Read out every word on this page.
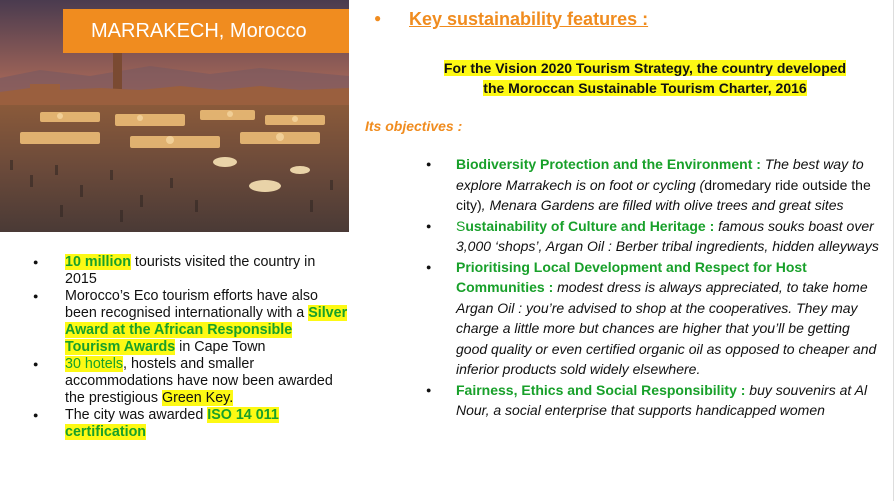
MARRAKECH, Morocco
● 10 million tourists visited the country in 2015
● Morocco’s Eco tourism efforts have also been recognised internationally with a Silver Award at the African Responsible Tourism Awards in Cape Town
● 30 hotels, hostels and smaller accommodations have now been awarded the prestigious Green Key.
● The city was awarded ISO 14 011 certification
● Key sustainability features :
For the Vision 2020 Tourism Strategy, the country developed
the Moroccan Sustainable Tourism Charter, 2016
Its objectives :
● Biodiversity Protection and the Environment : The best way to explore Marrakech is on foot or cycling (dromedary ride outside the city), Menara Gardens are filled with olive trees and great sites
● Sustainability of Culture and Heritage : famous souks boast over 3,000 ‘shops’, Argan Oil : Berber tribal ingredients, hidden alleyways
● Prioritising Local Development and Respect for Host Communities : modest dress is always appreciated, to take home Argan Oil : you’re advised to shop at the cooperatives. They may charge a little more but chances are higher that you’ll be getting good quality or even certified organic oil as opposed to cheaper and inferior products sold widely elsewhere.
● Fairness, Ethics and Social Responsibility : buy souvenirs at Al Nour, a social enterprise that supports handicapped women
